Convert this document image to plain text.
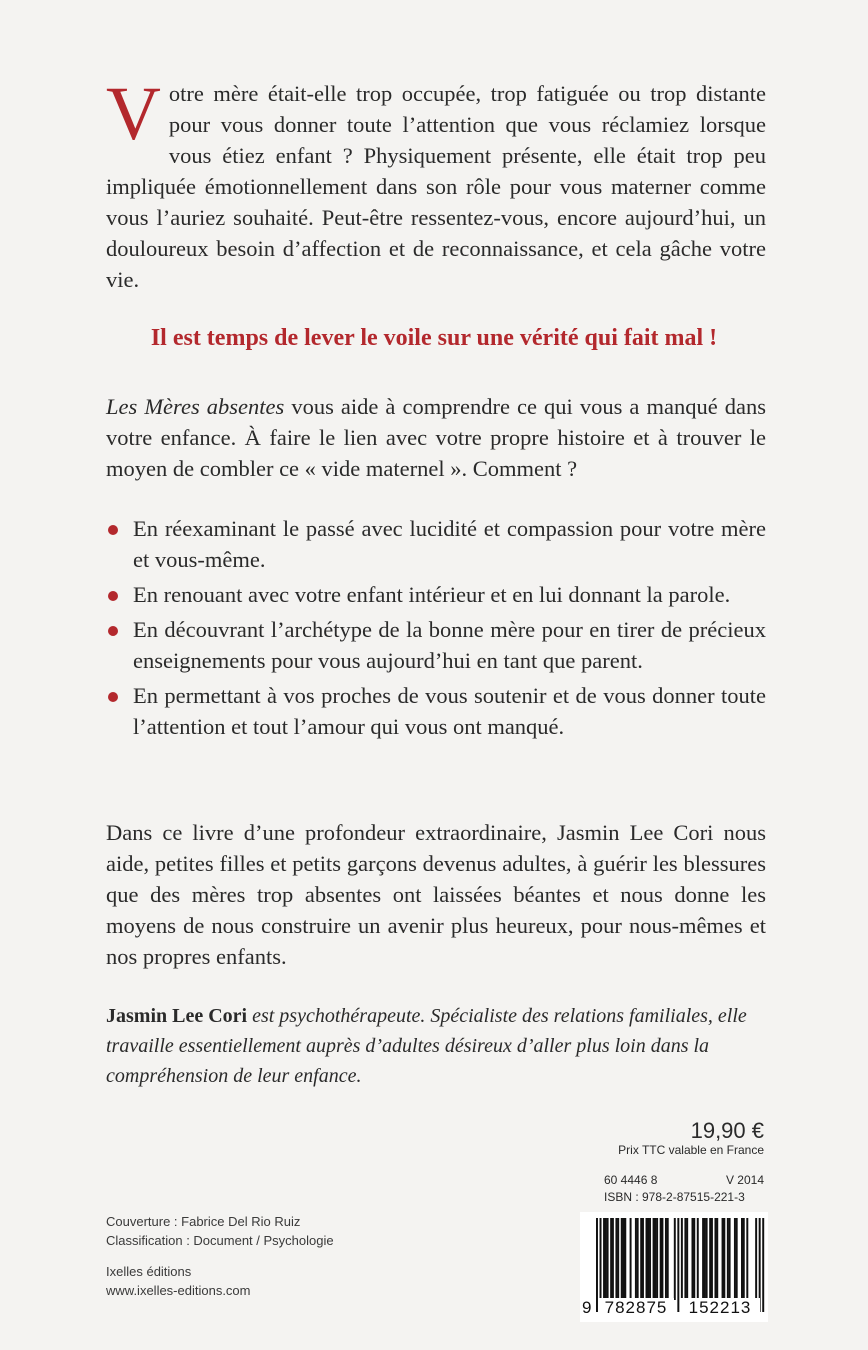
Votre mère était-elle trop occupée, trop fatiguée ou trop distante pour vous donner toute l’attention que vous réclamiez lorsque vous étiez enfant ? Physiquement présente, elle était trop peu impliquée émotionnellement dans son rôle pour vous materner comme vous l’auriez souhaité. Peut-être ressentez-vous, encore aujourd’hui, un douloureux besoin d’affection et de reconnaissance, et cela gâche votre vie.
Il est temps de lever le voile sur une vérité qui fait mal !
Les Mères absentes vous aide à comprendre ce qui vous a manqué dans votre enfance. À faire le lien avec votre propre histoire et à trouver le moyen de combler ce « vide maternel ». Comment ?
En réexaminant le passé avec lucidité et compassion pour votre mère et vous-même.
En renouant avec votre enfant intérieur et en lui donnant la parole.
En découvrant l’archétype de la bonne mère pour en tirer de précieux enseignements pour vous aujourd’hui en tant que parent.
En permettant à vos proches de vous soutenir et de vous donner toute l’attention et tout l’amour qui vous ont manqué.
Dans ce livre d’une profondeur extraordinaire, Jasmin Lee Cori nous aide, petites filles et petits garçons devenus adultes, à guérir les blessures que des mères trop absentes ont laissées béantes et nous donne les moyens de nous construire un avenir plus heureux, pour nous-mêmes et nos propres enfants.
Jasmin Lee Cori est psychothérapeute. Spécialiste des relations familiales, elle travaille essentiellement auprès d’adultes désireux d’aller plus loin dans la compréhension de leur enfance.
19,90 €
Prix TTC valable en France
60 4446 8	V 2014
ISBN : 978-2-87515-221-3
Couverture : Fabrice Del Rio Ruiz
Classification : Document / Psychologie
Ixelles éditions
www.ixelles-editions.com
9 782875	152213
